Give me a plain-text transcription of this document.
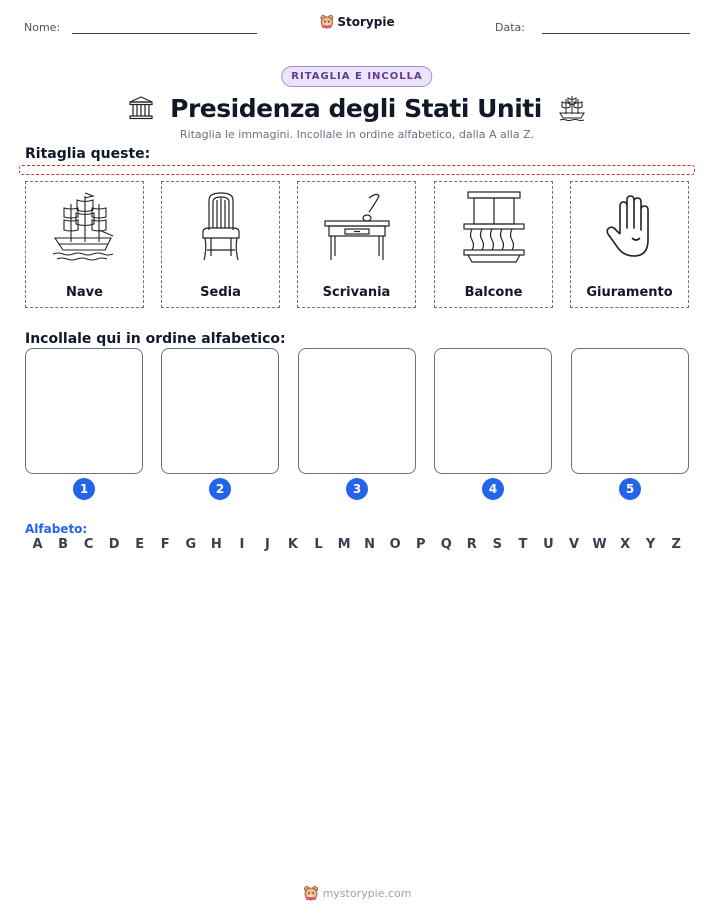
Nome:	Storypie	Data:
RITAGLIA E INCOLLA
Presidenza degli Stati Uniti
Ritaglia le immagini. Incollale in ordine alfabetico, dalla A alla Z.
Ritaglia queste:
Nave	Sedia	Scrivania	Balcone	Giuramento
Incollale qui in ordine alfabetico:
1	2	3	4	5
Alfabeto:
A	B	C	D	E	F	G	H	I	J	K	L	M	N	O	P	Q	R	S	T	U	V	W	X	Y	Z
mystorypie.com
